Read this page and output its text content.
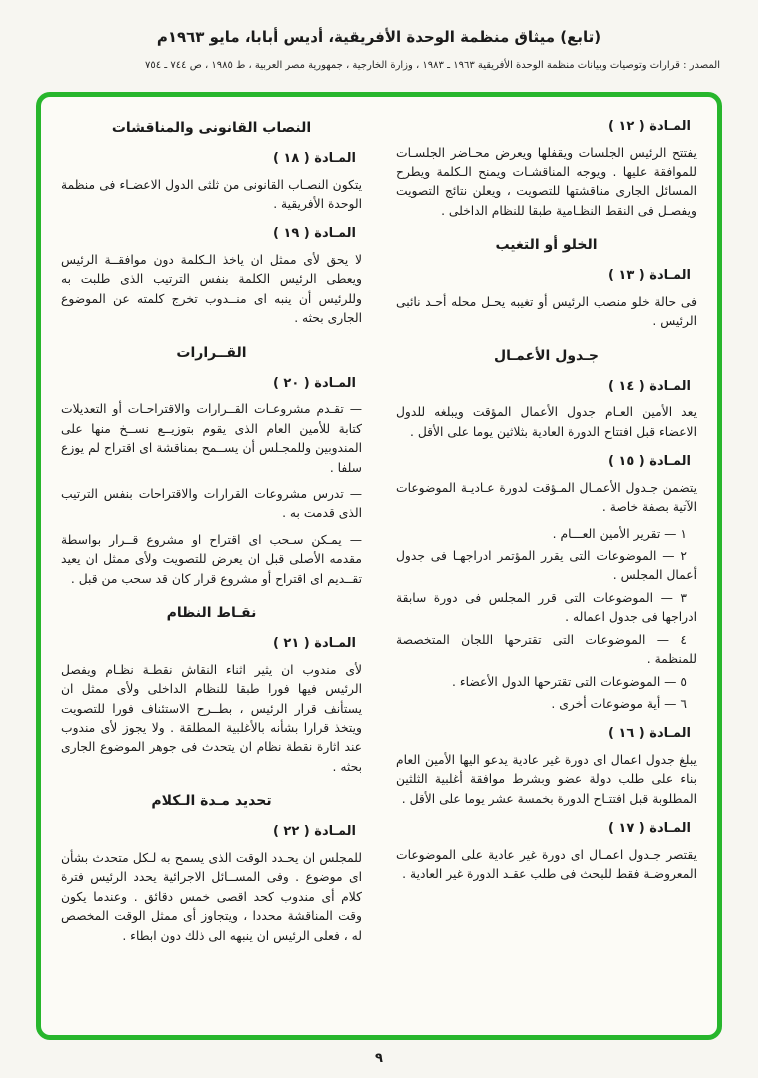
(تابع) ميثاق منظمة الوحدة الأفريقية، أديس أبابا، مايو ١٩٦٣م
المصدر : قرارات وتوصيات وبيانات منظمة الوحدة الأفريقية ١٩٦٣ ـ ١٩٨٣ ، وزارة الخارجية ، جمهورية مصر العربية ، ط ١٩٨٥ ، ص ٧٤٤ ـ ٧٥٤
المـادة ( ١٢ )

يفتتح الرئيس الجلسات ويقفلها ويعرض محـاضر الجلسـات للموافقة عليها . ويوجه المناقشـات ويمنح الـكلمة ويطرح المسائل الجارى مناقشتها للتصويت ، ويعلن نتائج التصويت ويفصـل فى النقط النظـامية طبقا للنظام الداخلى .

الخلو أو التغيب
المـادة ( ١٣ )

فى حالة خلو منصب الرئيس أو تغيبه يحـل محله أحـد نائبى الرئيس .

جـدول الأعمـال
المـادة ( ١٤ )

يعد الأمين العـام جدول الأعمال المؤقت ويبلغه للدول الاعضاء قبل افتتاح الدورة العادية بثلاثين يوما على الأقل .

المـادة ( ١٥ )

يتضمن جـدول الأعمـال المـؤقت لدورة عـاديـة الموضوعات الآتية بصفة خاصة .

١ — تقرير الأمين العـــام .

٢ — الموضوعات التى يقرر المؤتمر ادراجهـا فى جدول أعمال المجلس .

٣ — الموضوعات التى قرر المجلس فى دورة سابقة ادراجها فى جدول اعماله .

٤ — الموضوعات التى تقترحها اللجان المتخصصة للمنظمة .

٥ — الموضوعات التى تقترحها الدول الأعضاء .

٦ — أية موضوعات أخرى .

المـادة ( ١٦ )

يبلغ جدول اعمال اى دورة غير عادية يدعو اليها الأمين العام بناء على طلب دولة عضو وبشرط موافقة أغلبية الثلثين المطلوبة قبل افتتـاح الدورة بخمسة عشر يوما على الأقل .

المـادة ( ١٧ )

يقتصر جـدول اعمـال اى دورة غير عادية على الموضوعات المعروضـة فقط للبحث فى طلب عقـد الدورة غير العادية .

النصاب القانونى والمناقشات
المـادة ( ١٨ )

يتكون النصـاب القانونى من ثلثى الدول الاعضـاء فى منظمة الوحدة الأفريقية .

المـادة ( ١٩ )

لا يحق لأى ممثل ان ياخذ الـكلمة دون موافقــة الرئيس ويعطى الرئيس الكلمة بنفس الترتيب الذى طلبت به وللرئيس أن ينبه اى منــدوب تخرج كلمته عن الموضوع الجارى بحثه .

القــرارات
المـادة ( ٢٠ )

— تقـدم مشروعـات القــرارات والاقتراحـات أو التعديلات كتابة للأمين العام الذى يقوم بتوزيــع نســخ منها على المندوبين وللمجـلس أن يســمح بمناقشة اى اقتراح لم يوزع سلفا .

— تدرس مشروعات القرارات والاقتراحات بنفس الترتيب الذى قدمت به .

— يمـكن سـحب اى اقتراح او مشروع قــرار بواسطة مقدمه الأصلى قبل ان يعرض للتصويت ولأى ممثل ان يعيد تقــديم اى اقتراح أو مشروع قرار كان قد سحب من قبل .

نقـاط النظام
المـادة ( ٢١ )

لأى مندوب ان يثير اثناء النقاش نقطـة نظـام ويفصل الرئيس فيها فورا طبقا للنظام الداخلى ولأى ممثل ان يستأنف قرار الرئيس ، بطــرح الاستئناف فورا للتصويت ويتخذ قرارا بشأنه بالأغلبية المطلقة . ولا يجوز لأى مندوب عند اثارة نقطة نظام ان يتحدث فى جوهر الموضوع الجارى بحثه .

تحديد مـدة الـكلام
المـادة ( ٢٢ )

للمجلس ان يحـدد الوقت الذى يسمح به لـكل متحدث بشأن اى موضوع . وفى المســائل الاجرائية يحدد الرئيس فترة كلام أى مندوب كحد اقصى خمس دقائق . وعندما يكون وقت المناقشة محددا ، ويتجاوز أى ممثل الوقت المخصص له ، فعلى الرئيس ان ينبهه الى ذلك دون ابطاء .

٩
